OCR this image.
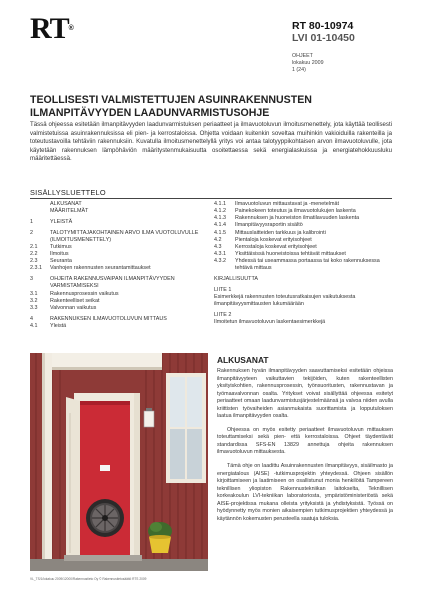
RT®	RT 80-10974
LVI 01-10450
OHJEET
lokakuu 2009
1 (24)
TEOLLISESTI VALMISTETTUJEN ASUINRAKENNUSTEN ILMANPITÄVYYDEN LAADUNVARMISTUSOHJE
Tässä ohjeessa esitetään ilmanpitävyyden laadunvarmistuksen periaatteet ja ilmavuotoluvun ilmoitusmenettely, jota käyttää teollisesti valmistetuissa asuinrakennuksissa eli pien- ja kerrostaloissa. Ohjetta voidaan kuitenkin soveltaa muihinkin vakioiduilla rakenteilla ja toteutustavoilla tehtäviin rakennuksiin. Kuvatulla ilmoitusmenettelyllä yritys voi antaa talotyyppikohtaisen arvon ilmavuotoluvulle, jota käytetään rakennuksen lämpöhäviön määritystenmukaisuutta osoitettaessa sekä energialaskuissa ja energiatehokkuusluku määritettäessä.
SISÄLLYSLUETTELO
ALKUSANAT
MÄÄRITELMÄT
1	YLEISTÄ
2	TALOTYMITTAJAKOHTAINEN ARVO ILMA VUOTOLUVULLE
(ILMOITUSMENETTELY)
2.1	Tutkimus
2.2	Ilmoitus
2.3	Seuranta
2.3.1	Vanhojen rakennusten seurantamittaukset
3	OHJEITA RAKENNUSVAIPAN ILMANPITÄVYYDEN
VARMISTAMISEKSI
3.1	Rakennusprosessin vaikutus
3.2	Rakenteelliset seikat
3.3	Valvonnan vaikutus
4	RAKENNUKSEN ILMAVUOTOLUVUN MITTAUS
4.1	Yleistä
4.1.1	Ilmavuotoluvun mittaustavat ja -menetelmät
4.1.2	Painekokeen toteutus ja ilmavuotolukujen laskenta
4.1.3	Rakennuksen ja huoneiston ilmatilavuuden laskenta
4.1.4	Ilmanpitävyysraportin sisältö
4.1.5	Mittauslaitteiden tarkkuus ja kalibrointi
4.2	Pientaloja koskevat erityisohjeet
4.3	Kerrostaloja koskevat erityisohjeet
4.3.1	Yksittäisissä huoneistoissa tehtävät mittaukset
4.3.2	Yhdessä tai useammassa portaassa tai koko rakennuksessa
tehtävä mittaus
KIRJALLISUUTTA
LIITE 1
Esimerkkejä rakennusten toteutusratkaisujen vaikutuksesta
ilmanpitävyysmittausten lukumäärään
LIITE 2
Ilmoitetun ilmavuotoluvun laskentaesimerkkejä
ALKUSANAT

Rakennuksen hyvän ilmanpitävyyden saavuttamiseksi esitetään ohjeissa ilmanpitävyyteen vaikuttavien tekijöiden, kuten rakenteellisten yksityiskohtien, rakennusprosessin, työnsuoritusten, rakennustavan ja työmaavalvonnan osalta. Yritykset voivat sisällyttää ohjeessa esitetyt periaatteet omaan laadunvarmistusjärjestelmäänsä ja valvoa niiden avulla kriittisten työvaiheiden asianmukaista suorittamista ja lopputuloksen laatua ilmanpitävyyden osalta.

Ohjeessa on myös esitetty periaatteet ilmavuotoluvun mittauksen toteuttamiseksi sekä pien- että kerrostaloissa. Ohjeet täydentävät standardissa SFS-EN 13829 annettuja ohjeita rakennuksen ilmavuotoluvun mittauksesta.

Tämä ohje on laadittu Asuinrakennusten ilmanpitävyys, sisäilmasto ja energiatalous (AISE) -tutkimusprojektin yhteydessä. Ohjeen sisällön kirjoittamiseen ja laatimiseen on osallistunut monia henkilöitä Tampereen teknillisen yliopiston Rakennustekniikan laitokselta, Teknillisen korkeakoulun LVI-tekniikan laboratoriosta, ympäristöministeriöstä sekä AISE-projektissa mukana olleista yrityksistä ja yhdistyksistä. Työssä on hyödynnetty myös monien aikaisempien tutkimusprojektien yhteydessä ja käytännön kokemusten perusteella saatuja tuloksia.

VL_TS/1/lokakuu 2009/12000/Rakennustieto Oy © Rakennustietosäätiö RTS 2009
